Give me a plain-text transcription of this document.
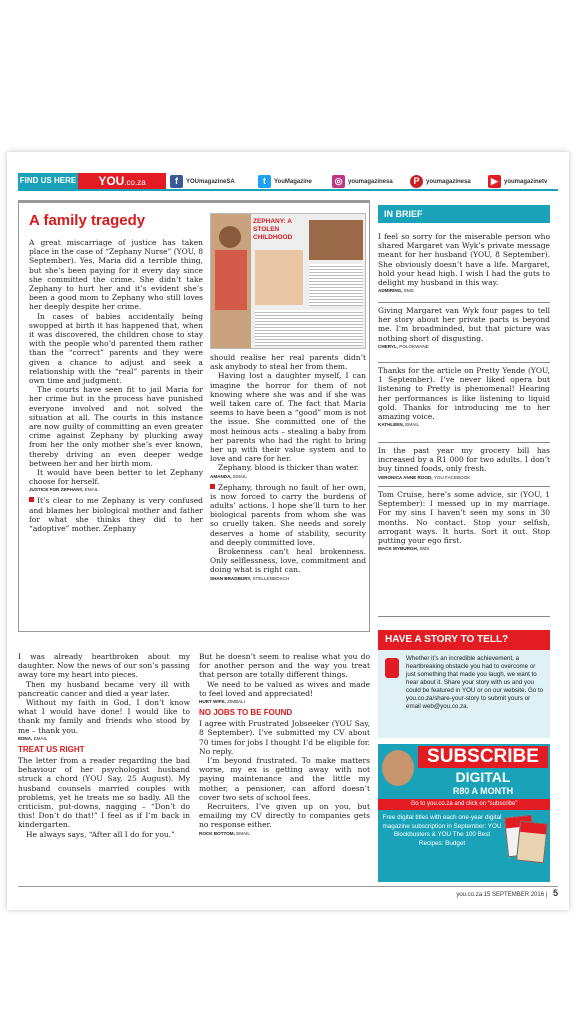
FIND US HERE	YOU.co.za	f	YOUmagazineSA	t	YouMagazine	◎ youmagazinesa	P	youmagazinesa	▶	youmagazinetv
A family tragedy	ZEPHANY: A STOLEN CHILDHOOD

A great miscarriage of justice has taken place in the case of “Zephany Nurse” (YOU, 8 September). Yes, Maria did a terrible thing, but she’s been paying for it every day since she committed the crime. She didn’t take Zephany to hurt her and it’s evident she’s been a good mom to Zephany who still loves her deeply despite her crime.

In cases of babies accidentally being swopped at birth it has happened that, when it was discovered, the children chose to stay with the people who’d parented them rather than the “correct” parents and they were given a chance to adjust and seek a relationship with the “real” parents in their own time and judgment.

The courts have seen fit to jail Maria for her crime but in the process have punished everyone involved and not solved the situation at all. The courts in this instance are now guilty of committing an even greater crime against Zephany by plucking away from her the only mother she’s ever known, thereby driving an even deeper wedge between her and her birth mom.

It would have been better to let Zephany choose for herself.

JUSTICE FOR ZEPHANY, EMAIL

It’s clear to me Zephany is very confused and blames her biological mother and father for what she thinks they did to her “adoptive” mother. Zephany

should realise her real parents didn’t ask anybody to steal her from them.

Having lost a daughter myself, I can imagine the horror for them of not knowing where she was and if she was well taken care of. The fact that Maria seems to have been a “good” mom is not the issue. She committed one of the most heinous acts – stealing a baby from her parents who had the right to bring her up with their value system and to love and care for her.

Zephany, blood is thicker than water.

AMANDA, EMAIL

Zephany, through no fault of her own, is now forced to carry the burdens of adults’ actions. I hope she’ll turn to her biological parents from whom she was so cruelly taken. She needs and sorely deserves a home of stability, security and deeply committed love.

Brokenness can’t heal brokenness. Only selflessness, love, commitment and doing what is right can.

SHAN BRADBURY, STELLENBOSCH

I was already heartbroken about my daughter. Now the news of our son’s passing away tore my heart into pieces.

Then my husband became very ill with pancreatic cancer and died a year later.

Without my faith in God, I don’t know what I would have done! I would like to thank my family and friends who stood by me – thank you.

EDNA, EMAIL

TREAT US RIGHT

The letter from a reader regarding the bad behaviour of her psychologist husband struck a chord (YOU Say, 25 August). My husband counsels married couples with problems, yet he treats me so badly. All the criticism, put-downs, nagging – “Don’t do this! Don’t do that!” I feel as if I’m back in kindergarten.

He always says, “After all I do for you.”

But he doesn’t seem to realise what you do for another person and the way you treat that person are totally different things.

We need to be valued as wives and made to feel loved and appreciated!

HURT WIFE, ZIMBALI

NO JOBS TO BE FOUND

I agree with Frustrated Jobseeker (YOU Say, 8 September). I’ve submitted my CV about 70 times for jobs I thought I’d be eligible for. No reply.

I’m beyond frustrated. To make matters worse, my ex is getting away with not paying maintenance and the little my mother, a pensioner, can afford doesn’t cover two sets of school fees.

Recruiters, I’ve given up on you, but emailing my CV directly to companies gets no response either.

ROCK BOTTOM, EMAIL

IN BRIEF

I feel so sorry for the miserable person who shared Margaret van Wyk’s private message meant for her husband (YOU, 8 September). She obviously doesn’t have a life. Margaret, hold your head high. I wish I had the guts to delight my husband in this way.

ADMIRING, SMS

Giving Margaret van Wyk four pages to tell her story about her private parts is beyond me. I’m broadminded, but that picture was nothing short of disgusting.

CHERYL, POLOKWANE

Thanks for the article on Pretty Yende (YOU, 1 September). I’ve never liked opera but listening to Pretty is phenomenal! Hearing her performances is like listening to liquid gold. Thanks for introducing me to her amazing voice.

KATHLEEN, EMAIL

In the past year my grocery bill has increased by a R1 000 for two adults. I don’t buy tinned foods, only fresh.

VERONICA ANNE ROOD, YOU FACEBOOK

Tom Cruise, here’s some advice, sir (YOU, 1 September): I messed up in my marriage. For my sins I haven’t seen my sons in 30 months. No contact. Stop your selfish, arrogant ways. It hurts. Sort it out. Stop putting your ego first.

MACK MYBURGH, SMS

HAVE A STORY TO TELL?
Whether it’s an incredible achievement, a heartbreaking obstacle you had to overcome or just something that made you laugh, we want to hear about it. Share your story with us and you could be featured in YOU or on our website. Go to you.co.za/share-your-story to submit yours or email web@you.co.za.
SUBSCRIBE
DIGITAL
R80 A MONTH
Go to you.co.za and click on “subscribe”
Free digital titles with each one-year digital magazine subscription in September: YOU Blockbusters & YOU The 100 Best Recipes: Budget
you.co.za 15 SEPTEMBER 2016 | 5
